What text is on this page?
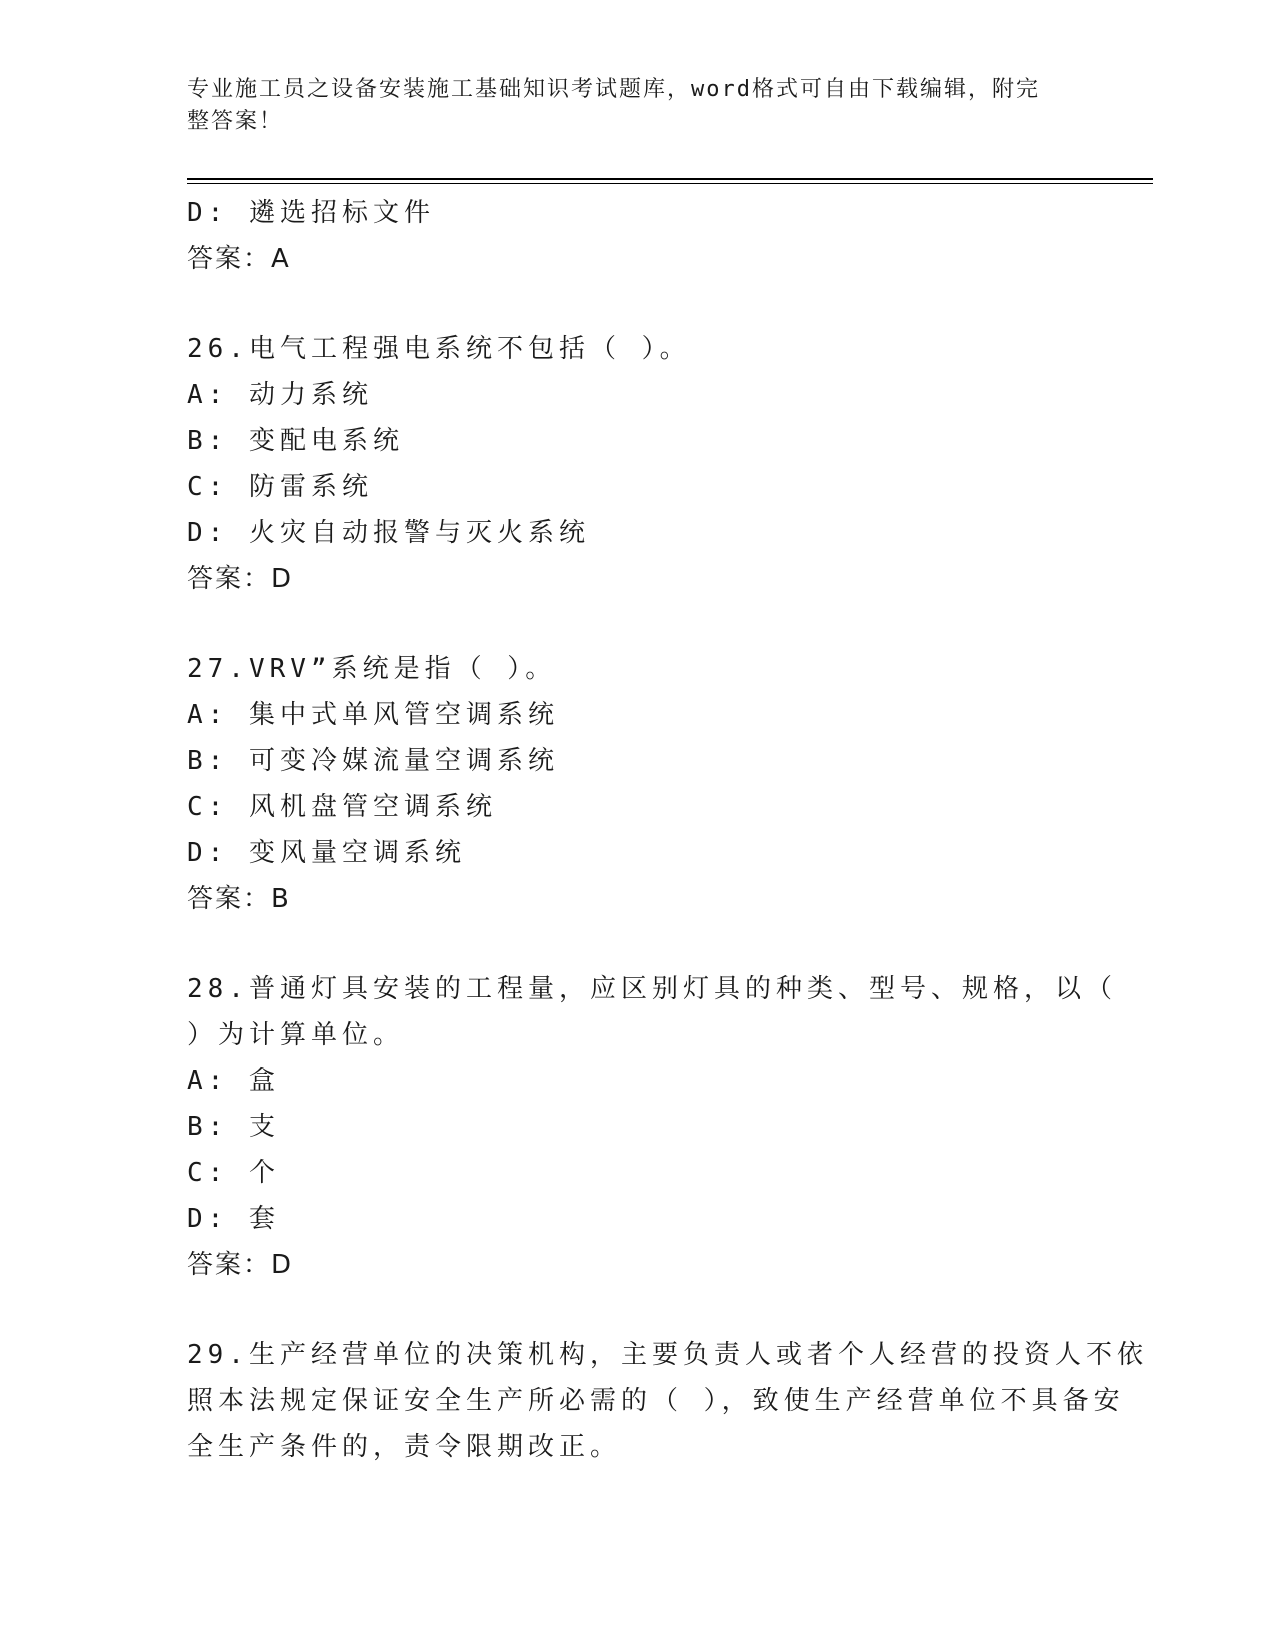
专业施工员之设备安装施工基础知识考试题库，word格式可自由下载编辑，附完
整答案！
D: 遴选招标文件
答案：A
26.电气工程强电系统不包括（ ）。
A: 动力系统
B: 变配电系统
C: 防雷系统
D: 火灾自动报警与灭火系统
答案：D
27.VRV”系统是指（ ）。
A: 集中式单风管空调系统
B: 可变冷媒流量空调系统
C: 风机盘管空调系统
D: 变风量空调系统
答案：B
28.普通灯具安装的工程量，应区别灯具的种类、型号、规格，以（
）为计算单位。
A: 盒
B: 支
C: 个
D: 套
答案：D
29.生产经营单位的决策机构，主要负责人或者个人经营的投资人不依
照本法规定保证安全生产所必需的（ ），致使生产经营单位不具备安
全生产条件的，责令限期改正。
